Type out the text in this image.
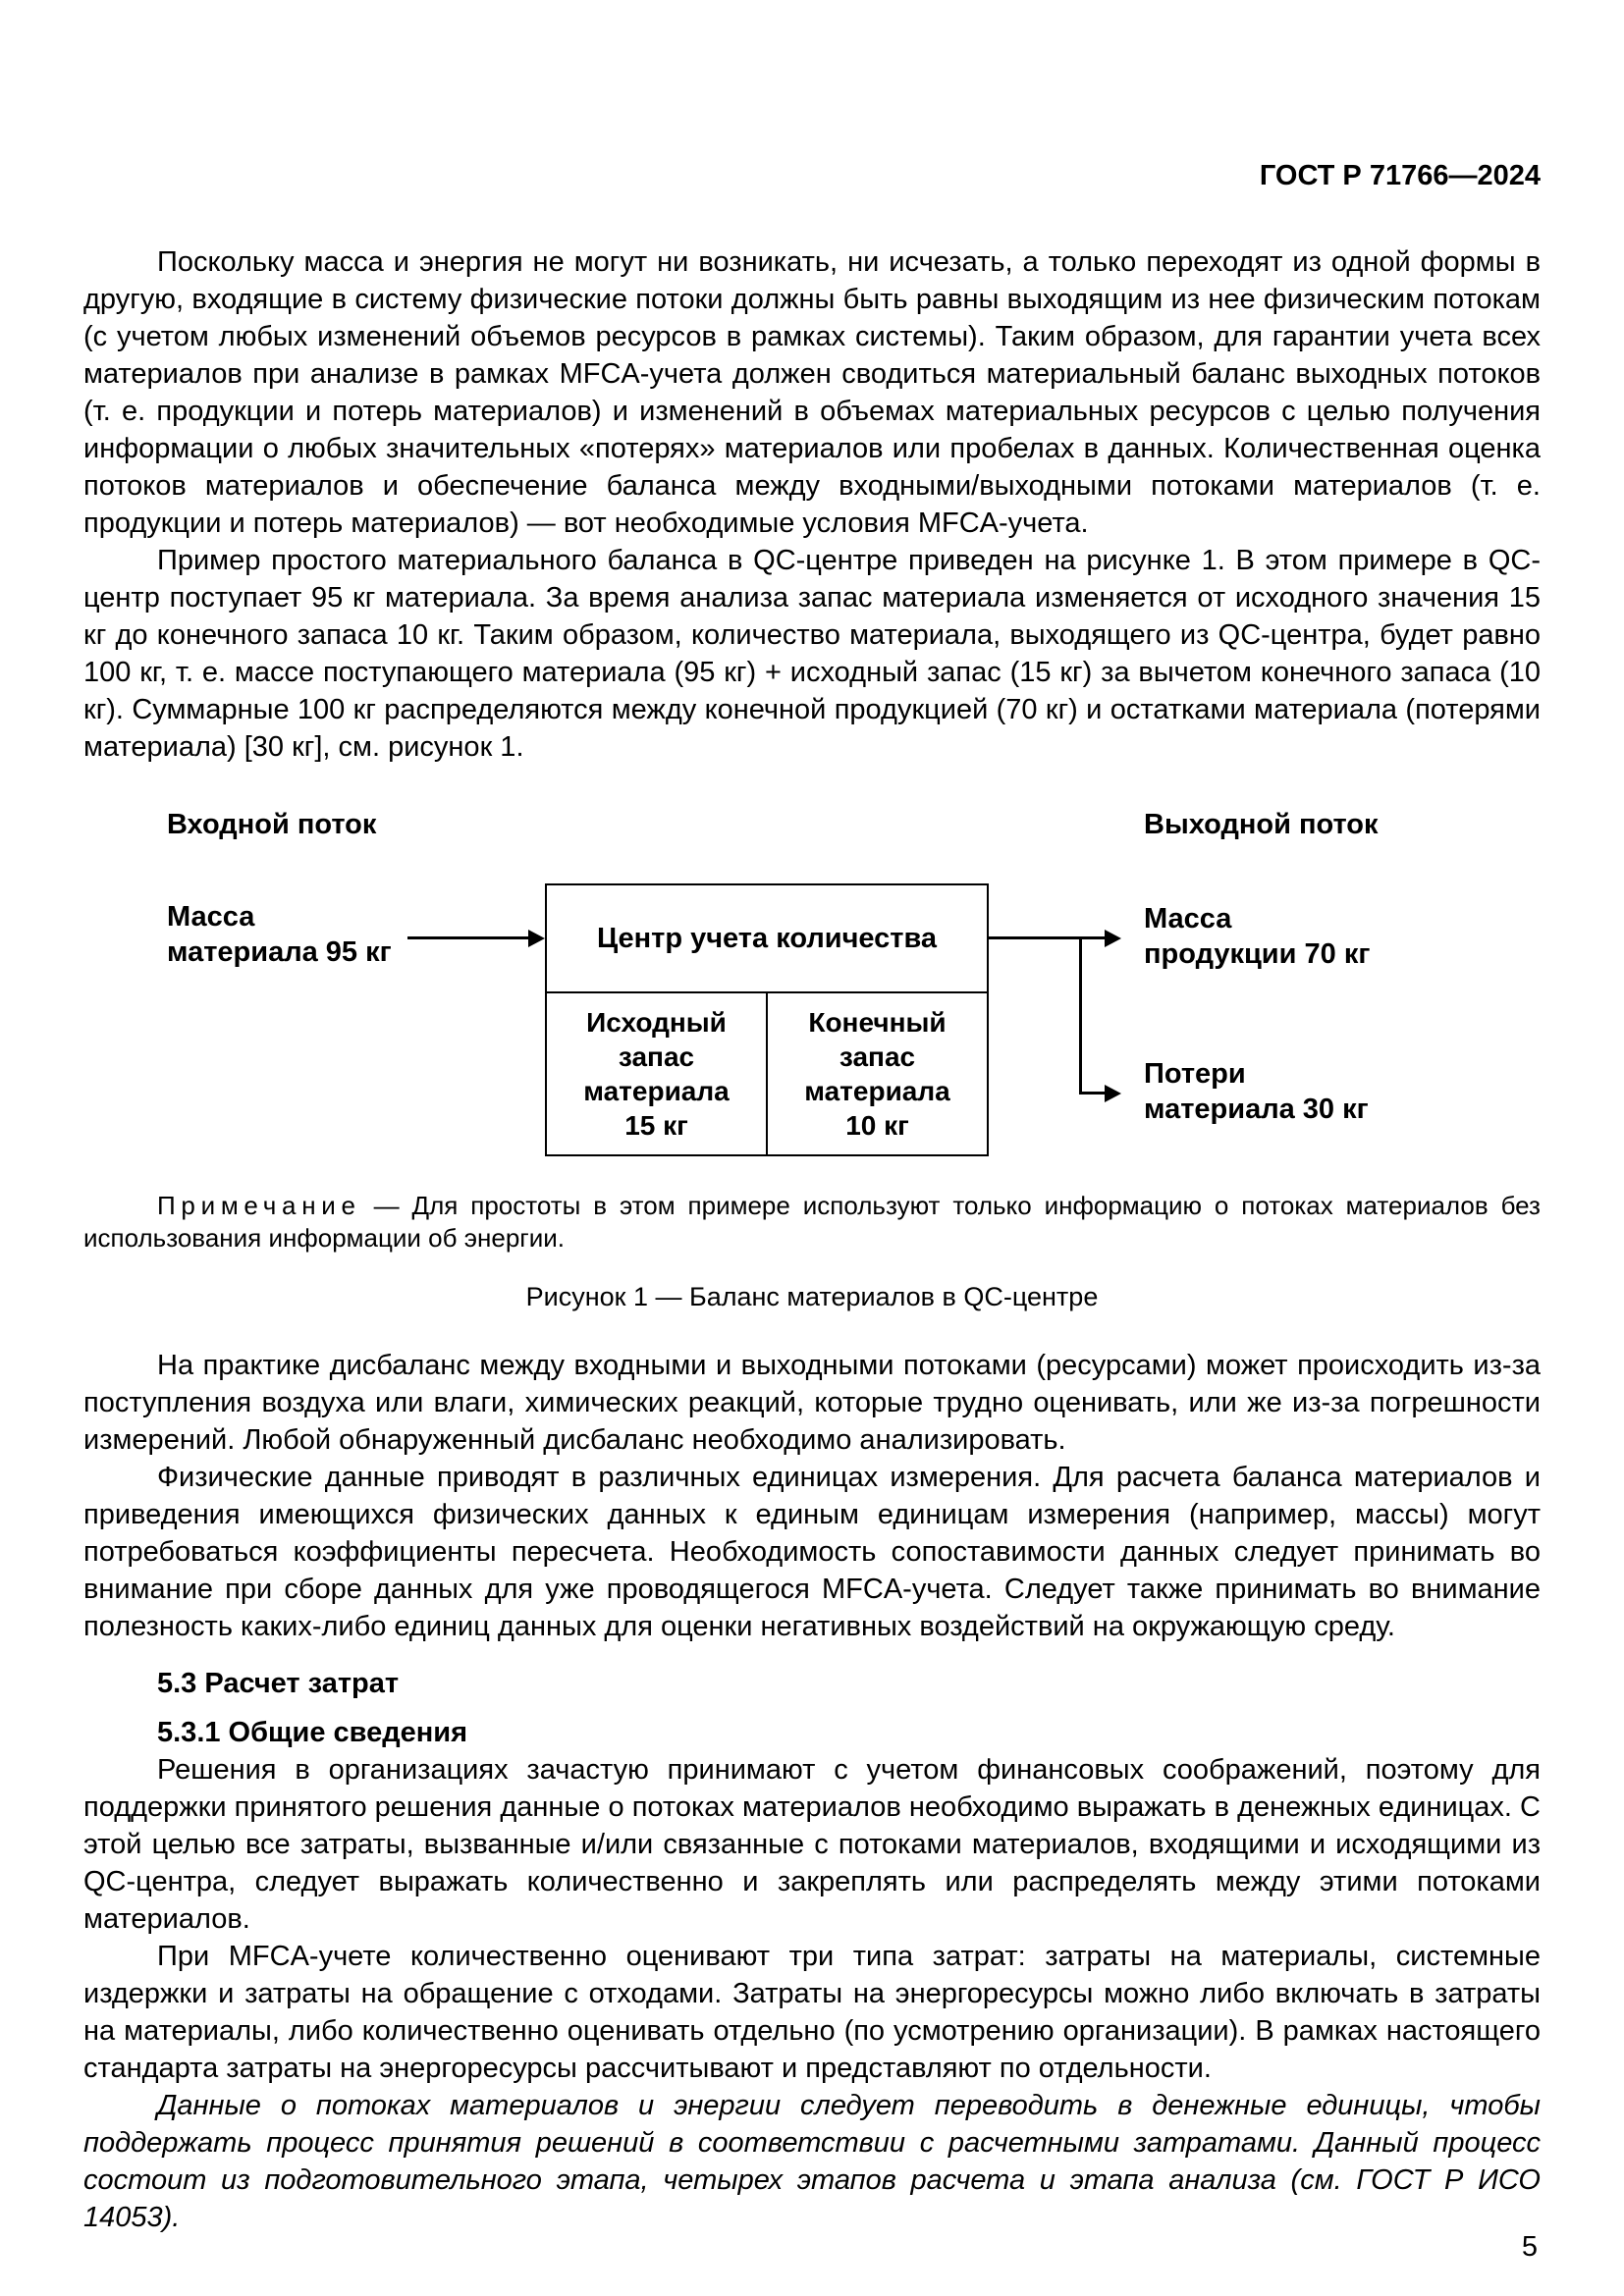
ГОСТ Р 71766—2024

Поскольку масса и энергия не могут ни возникать, ни исчезать, а только переходят из одной формы в другую, входящие в систему физические потоки должны быть равны выходящим из нее физическим потокам (с учетом любых изменений объемов ресурсов в рамках системы). Таким образом, для гарантии учета всех материалов при анализе в рамках MFCA-учета должен сводиться материальный баланс выходных потоков (т. е. продукции и потерь материалов) и изменений в объемах материальных ресурсов с целью получения информации о любых значительных «потерях» материалов или пробелах в данных. Количественная оценка потоков материалов и обеспечение баланса между входными/выходными потоками материалов (т. е. продукции и потерь материалов) — вот необходимые условия MFCA-учета.

Пример простого материального баланса в QC-центре приведен на рисунке 1. В этом примере в QC-центр поступает 95 кг материала. За время анализа запас материала изменяется от исходного значения 15 кг до конечного запаса 10 кг. Таким образом, количество материала, выходящего из QC-центра, будет равно 100 кг, т. е. массе поступающего материала (95 кг) + исходный запас (15 кг) за вычетом конечного запаса (10 кг). Суммарные 100 кг распределяются между конечной продукцией (70 кг) и остатками материала (потерями материала) [30 кг], см. рисунок 1.

Входной поток	Выходной поток
Масса
материала 95 кг	Центр учета количества
Исходный
запас
материала
15 кг
Конечный
запас
материала
10 кг
Масса
продукции 70 кг
Потери
материала 30 кг

Примечание — Для простоты в этом примере используют только информацию о потоках материалов без использования информации об энергии.

Рисунок 1 — Баланс материалов в QC-центре

На практике дисбаланс между входными и выходными потоками (ресурсами) может происходить из-за поступления воздуха или влаги, химических реакций, которые трудно оценивать, или же из-за погрешности измерений. Любой обнаруженный дисбаланс необходимо анализировать.

Физические данные приводят в различных единицах измерения. Для расчета баланса материалов и приведения имеющихся физических данных к единым единицам измерения (например, массы) могут потребоваться коэффициенты пересчета. Необходимость сопоставимости данных следует принимать во внимание при сборе данных для уже проводящегося MFCA-учета. Следует также принимать во внимание полезность каких-либо единиц данных для оценки негативных воздействий на окружающую среду.

5.3 Расчет затрат

5.3.1 Общие сведения

Решения в организациях зачастую принимают с учетом финансовых соображений, поэтому для поддержки принятого решения данные о потоках материалов необходимо выражать в денежных единицах. С этой целью все затраты, вызванные и/или связанные с потоками материалов, входящими и исходящими из QC-центра, следует выражать количественно и закреплять или распределять между этими потоками материалов.

При MFCA-учете количественно оценивают три типа затрат: затраты на материалы, системные издержки и затраты на обращение с отходами. Затраты на энергоресурсы можно либо включать в затраты на материалы, либо количественно оценивать отдельно (по усмотрению организации). В рамках настоящего стандарта затраты на энергоресурсы рассчитывают и представляют по отдельности.

Данные о потоках материалов и энергии следует переводить в денежные единицы, чтобы поддержать процесс принятия решений в соответствии с расчетными затратами. Данный процесс состоит из подготовительного этапа, четырех этапов расчета и этапа анализа (см. ГОСТ Р ИСО 14053).

5
